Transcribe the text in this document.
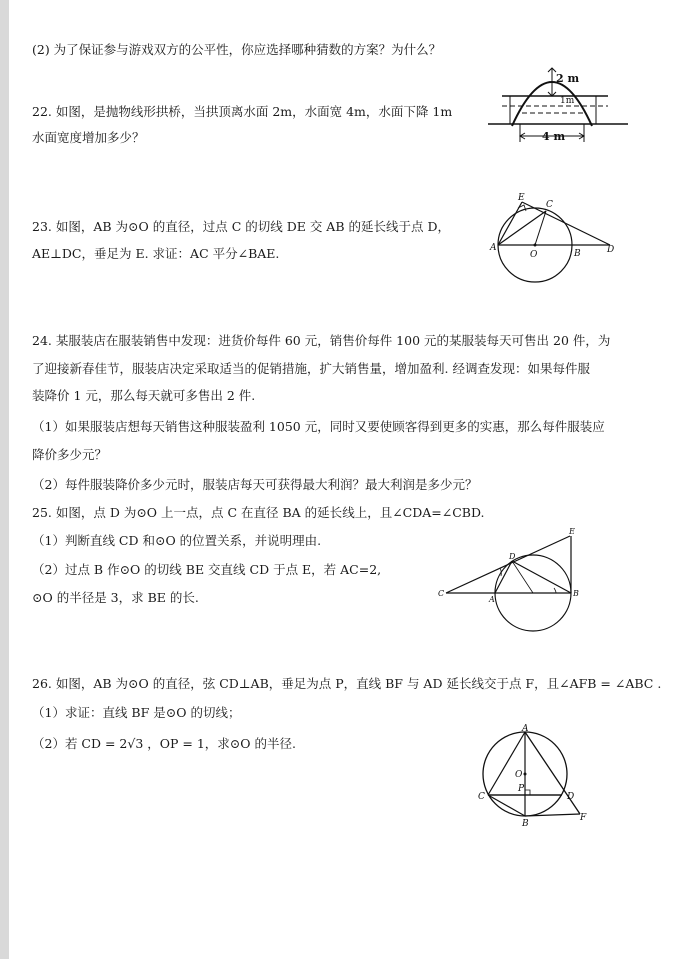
(2) 为了保证参与游戏双方的公平性，你应选择哪种猜数的方案？为什么？
22. 如图，是抛物线形拱桥，当拱顶离水面 2m，水面宽 4m，水面下降 1m
水面宽度增加多少？
2 m
1m
4 m
23. 如图，AB 为⊙O 的直径，过点 C 的切线 DE 交 AB 的延长线于点 D，
AE⊥DC，垂足为 E. 求证：AC 平分∠BAE.
E
C
A
O	B	D
24. 某服装店在服装销售中发现：进货价每件 60 元，销售价每件 100 元的某服装每天可售出 20 件，为
了迎接新春佳节，服装店决定采取适当的促销措施，扩大销售量，增加盈利. 经调查发现：如果每件服
装降价 1 元，那么每天就可多售出 2 件.
（1）如果服装店想每天销售这种服装盈利 1050 元，同时又要使顾客得到更多的实惠，那么每件服装应
降价多少元？
（2）每件服装降价多少元时，服装店每天可获得最大利润？最大利润是多少元？
25. 如图，点 D 为⊙O 上一点，点 C 在直径 BA 的延长线上，且∠CDA=∠CBD.
（1）判断直线 CD 和⊙O 的位置关系，并说明理由.
（2）过点 B 作⊙O 的切线 BE 交直线 CD 于点 E，若 AC=2,
⊙O 的半径是 3，求 BE 的长.
E
D
C
A
B
26. 如图，AB 为⊙O 的直径，弦 CD⊥AB，垂足为点 P，直线 BF 与 AD 延长线交于点 F，且∠AFB = ∠ABC .
（1）求证：直线 BF 是⊙O 的切线；
（2）若 CD = 2√3 ，OP = 1，求⊙O 的半径.
A
O
C
P
D
B
F
